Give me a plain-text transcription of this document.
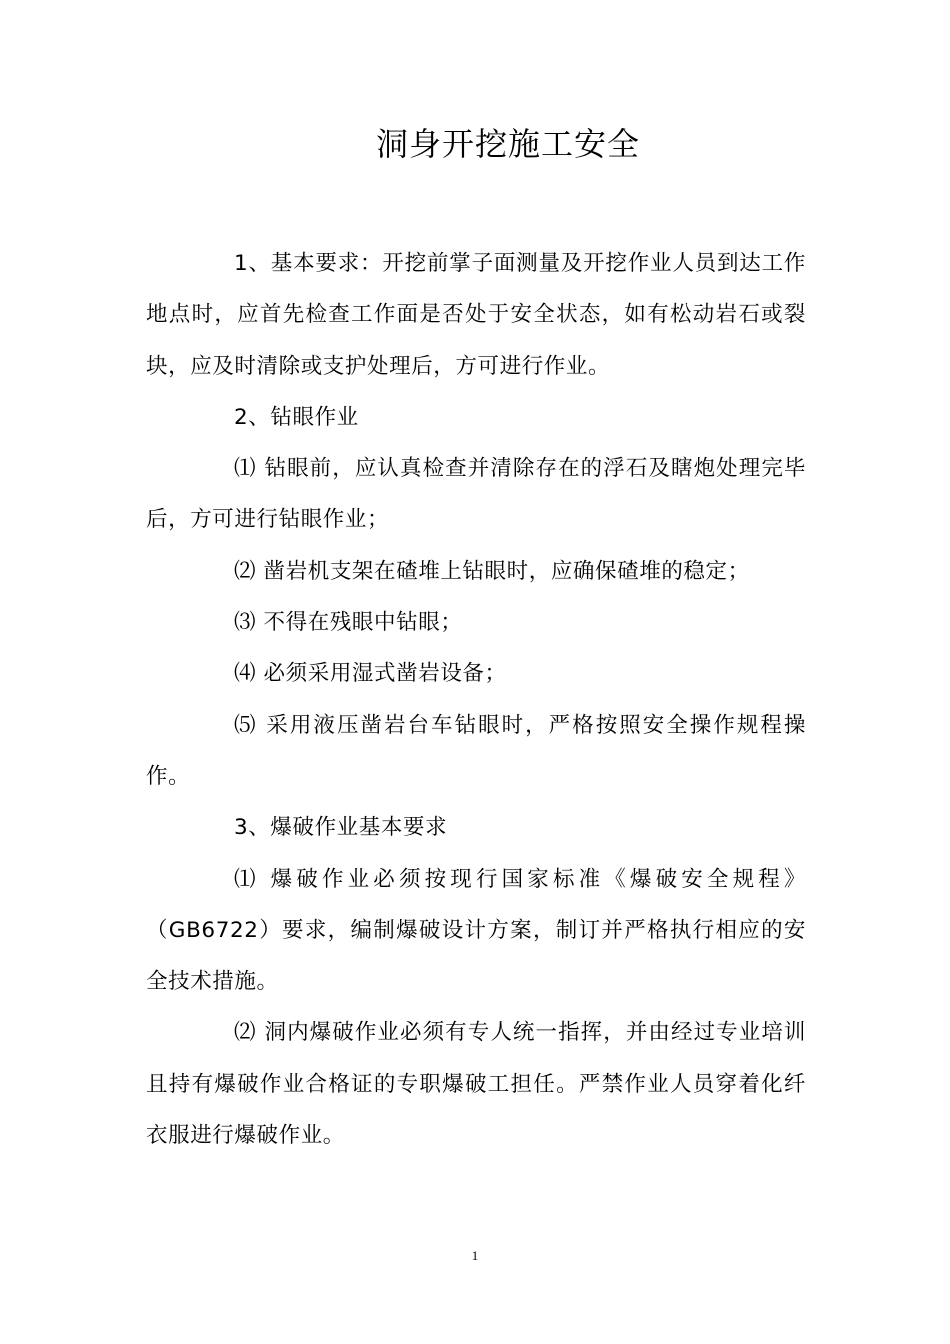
洞身开挖施工安全

1、基本要求：开挖前掌子面测量及开挖作业人员到达工作地点时，应首先检查工作面是否处于安全状态，如有松动岩石或裂块，应及时清除或支护处理后，方可进行作业。

2、钻眼作业

⑴ 钻眼前，应认真检查并清除存在的浮石及瞎炮处理完毕后，方可进行钻眼作业；

⑵ 凿岩机支架在碴堆上钻眼时，应确保碴堆的稳定；

⑶ 不得在残眼中钻眼；

⑷ 必须采用湿式凿岩设备；

⑸ 采用液压凿岩台车钻眼时，严格按照安全操作规程操作。

3、爆破作业基本要求

⑴ 爆破作业必须按现行国家标准《爆破安全规程》（GB6722）要求，编制爆破设计方案，制订并严格执行相应的安全技术措施。

⑵ 洞内爆破作业必须有专人统一指挥，并由经过专业培训且持有爆破作业合格证的专职爆破工担任。严禁作业人员穿着化纤衣服进行爆破作业。

1
